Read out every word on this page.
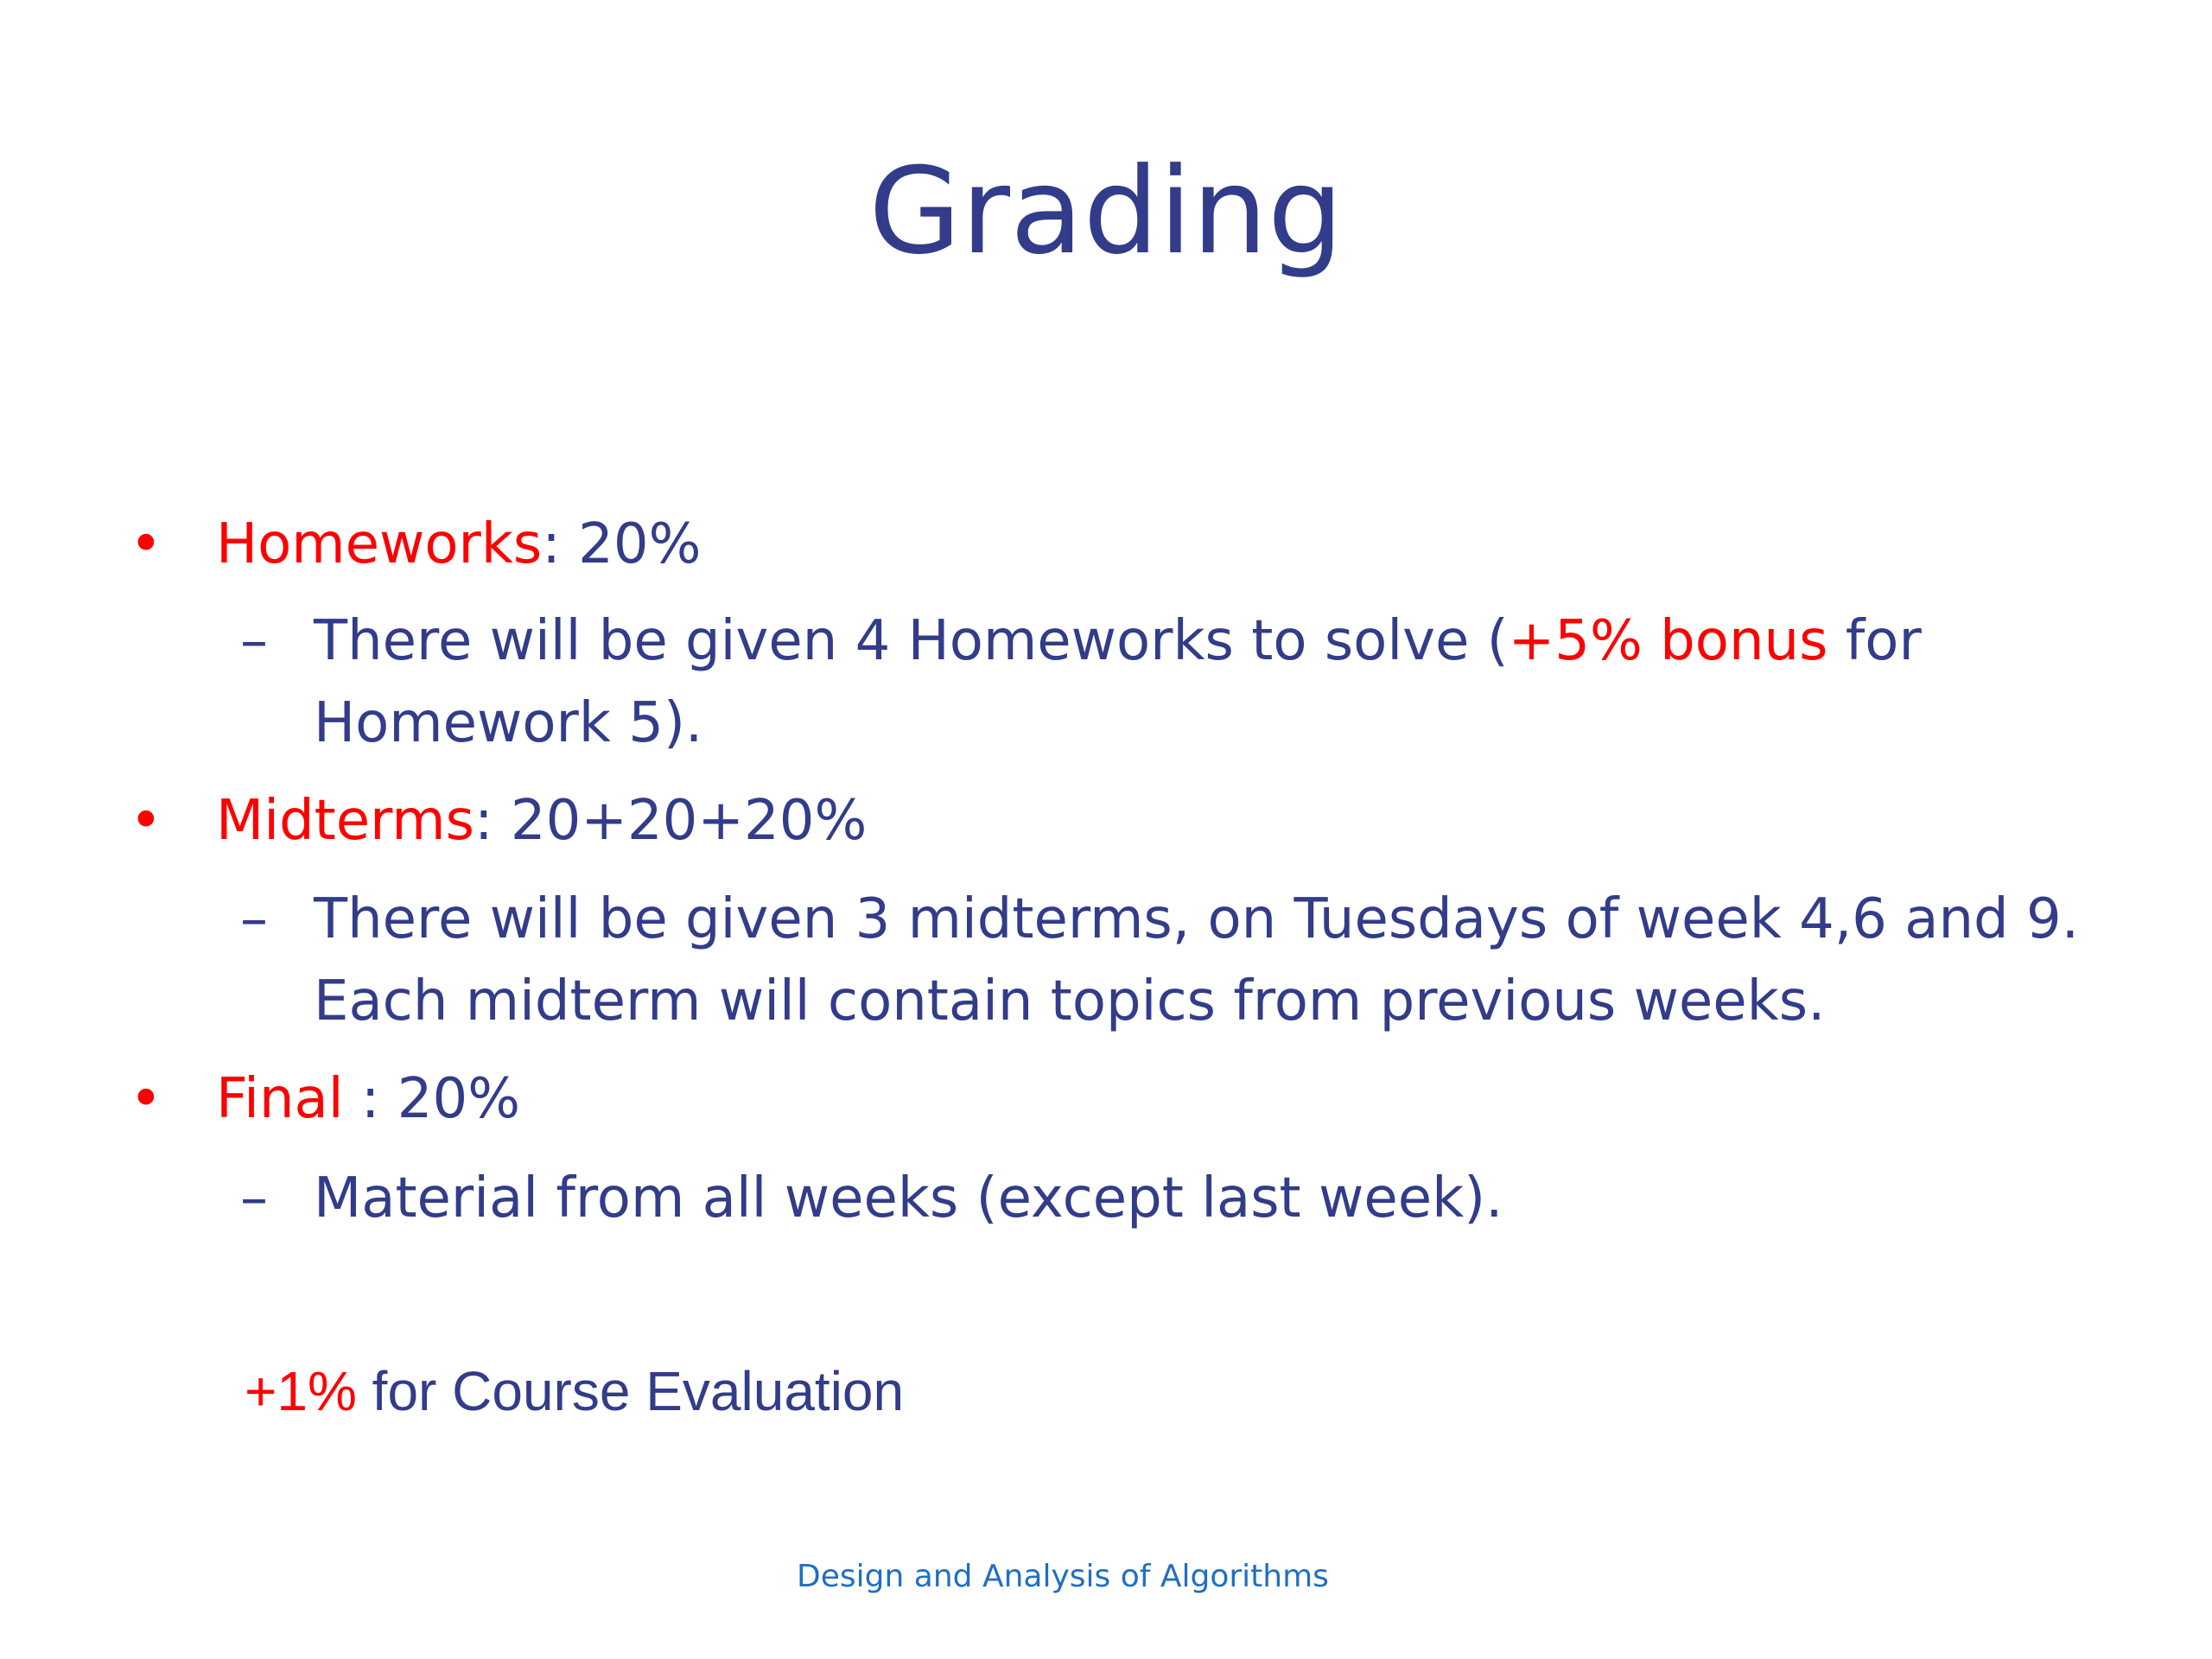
Grading
• Homeworks: 20%
– There will be given 4 Homeworks to solve (+5% bonus for
Homework 5).
• Midterms: 20+20+20%
– There will be given 3 midterms, on Tuesdays of week 4,6 and 9.
Each midterm will contain topics from previous weeks.
• Final : 20%
– Material from all weeks (except last week).
+1% for Course Evaluation
Design and Analysis of Algorithms
